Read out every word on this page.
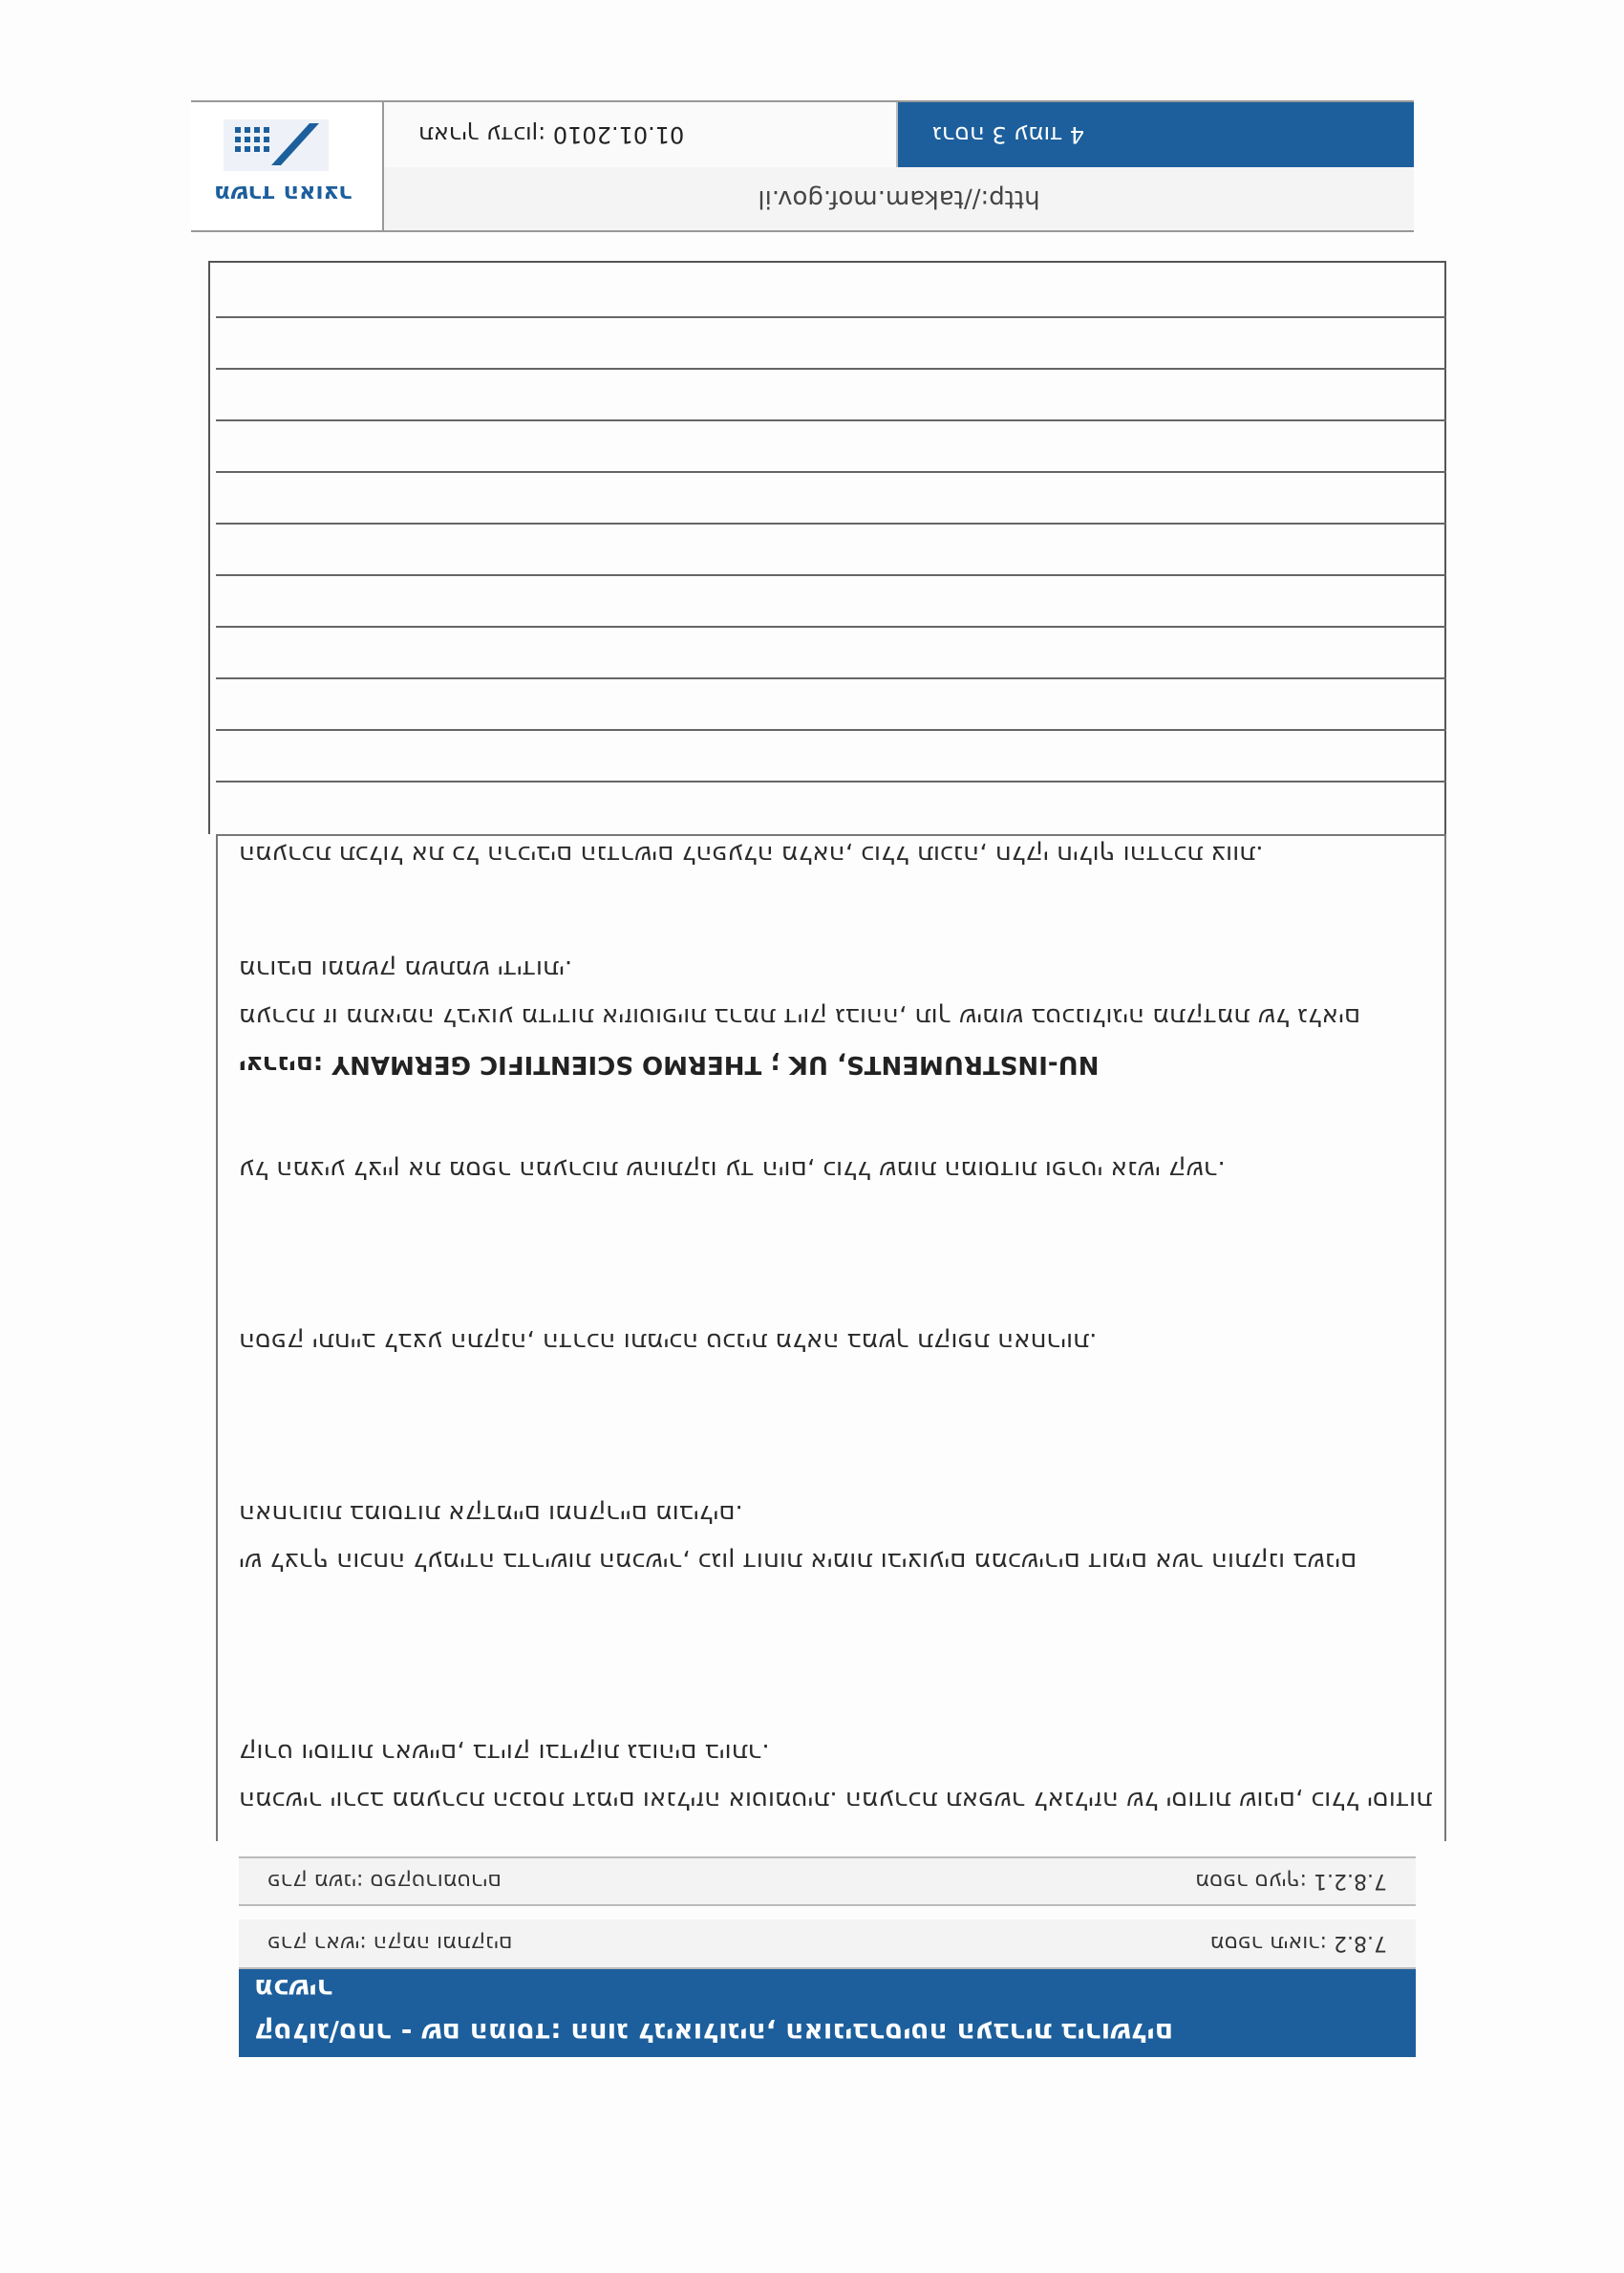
קטלוג/סחר - שם המוסד: החוג לגיאולוגיה, האוניברסיטה העברית בירושלים
מכשיר
פרק ראשי: הקמה ומתקנים	מספר תיאור: 7.8.2
פרק משני: ספקטרומטרים	מספר סעיף: 7.8.2.1
המכשיר יורכב ממערכת הכנסת דגמים ואנליזה אוטומטית. המערכת תאפשר לאנליזה של יסודות שונים, כולל יסודות קורט ויסודות ראשיים, בדיוק ובדיקות גבוהים ביותר.
יש לצרף הוכחה לעמידה בדרישות המכשיר, כגון דוחות אימות וביצועים ממכשירים דומים אשר הותקנו בשנים האחרונות במוסדות אקדמיים ומחקריים מובילים.
הספק יתחייב לבצע התקנה, הדרכה ותמיכה טכנית מלאה במשך תקופת האחריות.
על המציע לציין את מספר המערכות שהותקנו עד היום, כולל שמות המוסדות ופרטי אנשי קשר.
יצרנים: NU-INSTRUMENTS, UK ; THERMO SCIENTIFIC GERMANY
מערכת זו מתאימה לביצוע מדידות איזוטופיות ברמת דיוק גבוהה, תוך שימוש בטכנולוגיה מתקדמת של גלאים מרובים וממשק משתמש ידידותי.
המערכת תכלול את כל הרכיבים הנדרשים להפעלה מלאה, כולל תוכנה, חלקי חילוף והדרכת צוות.
http://takam.mof.gov.il
גרסה 3 עמוד 4
תאריך עדכון: 01.01.2010
משרד האוצר
